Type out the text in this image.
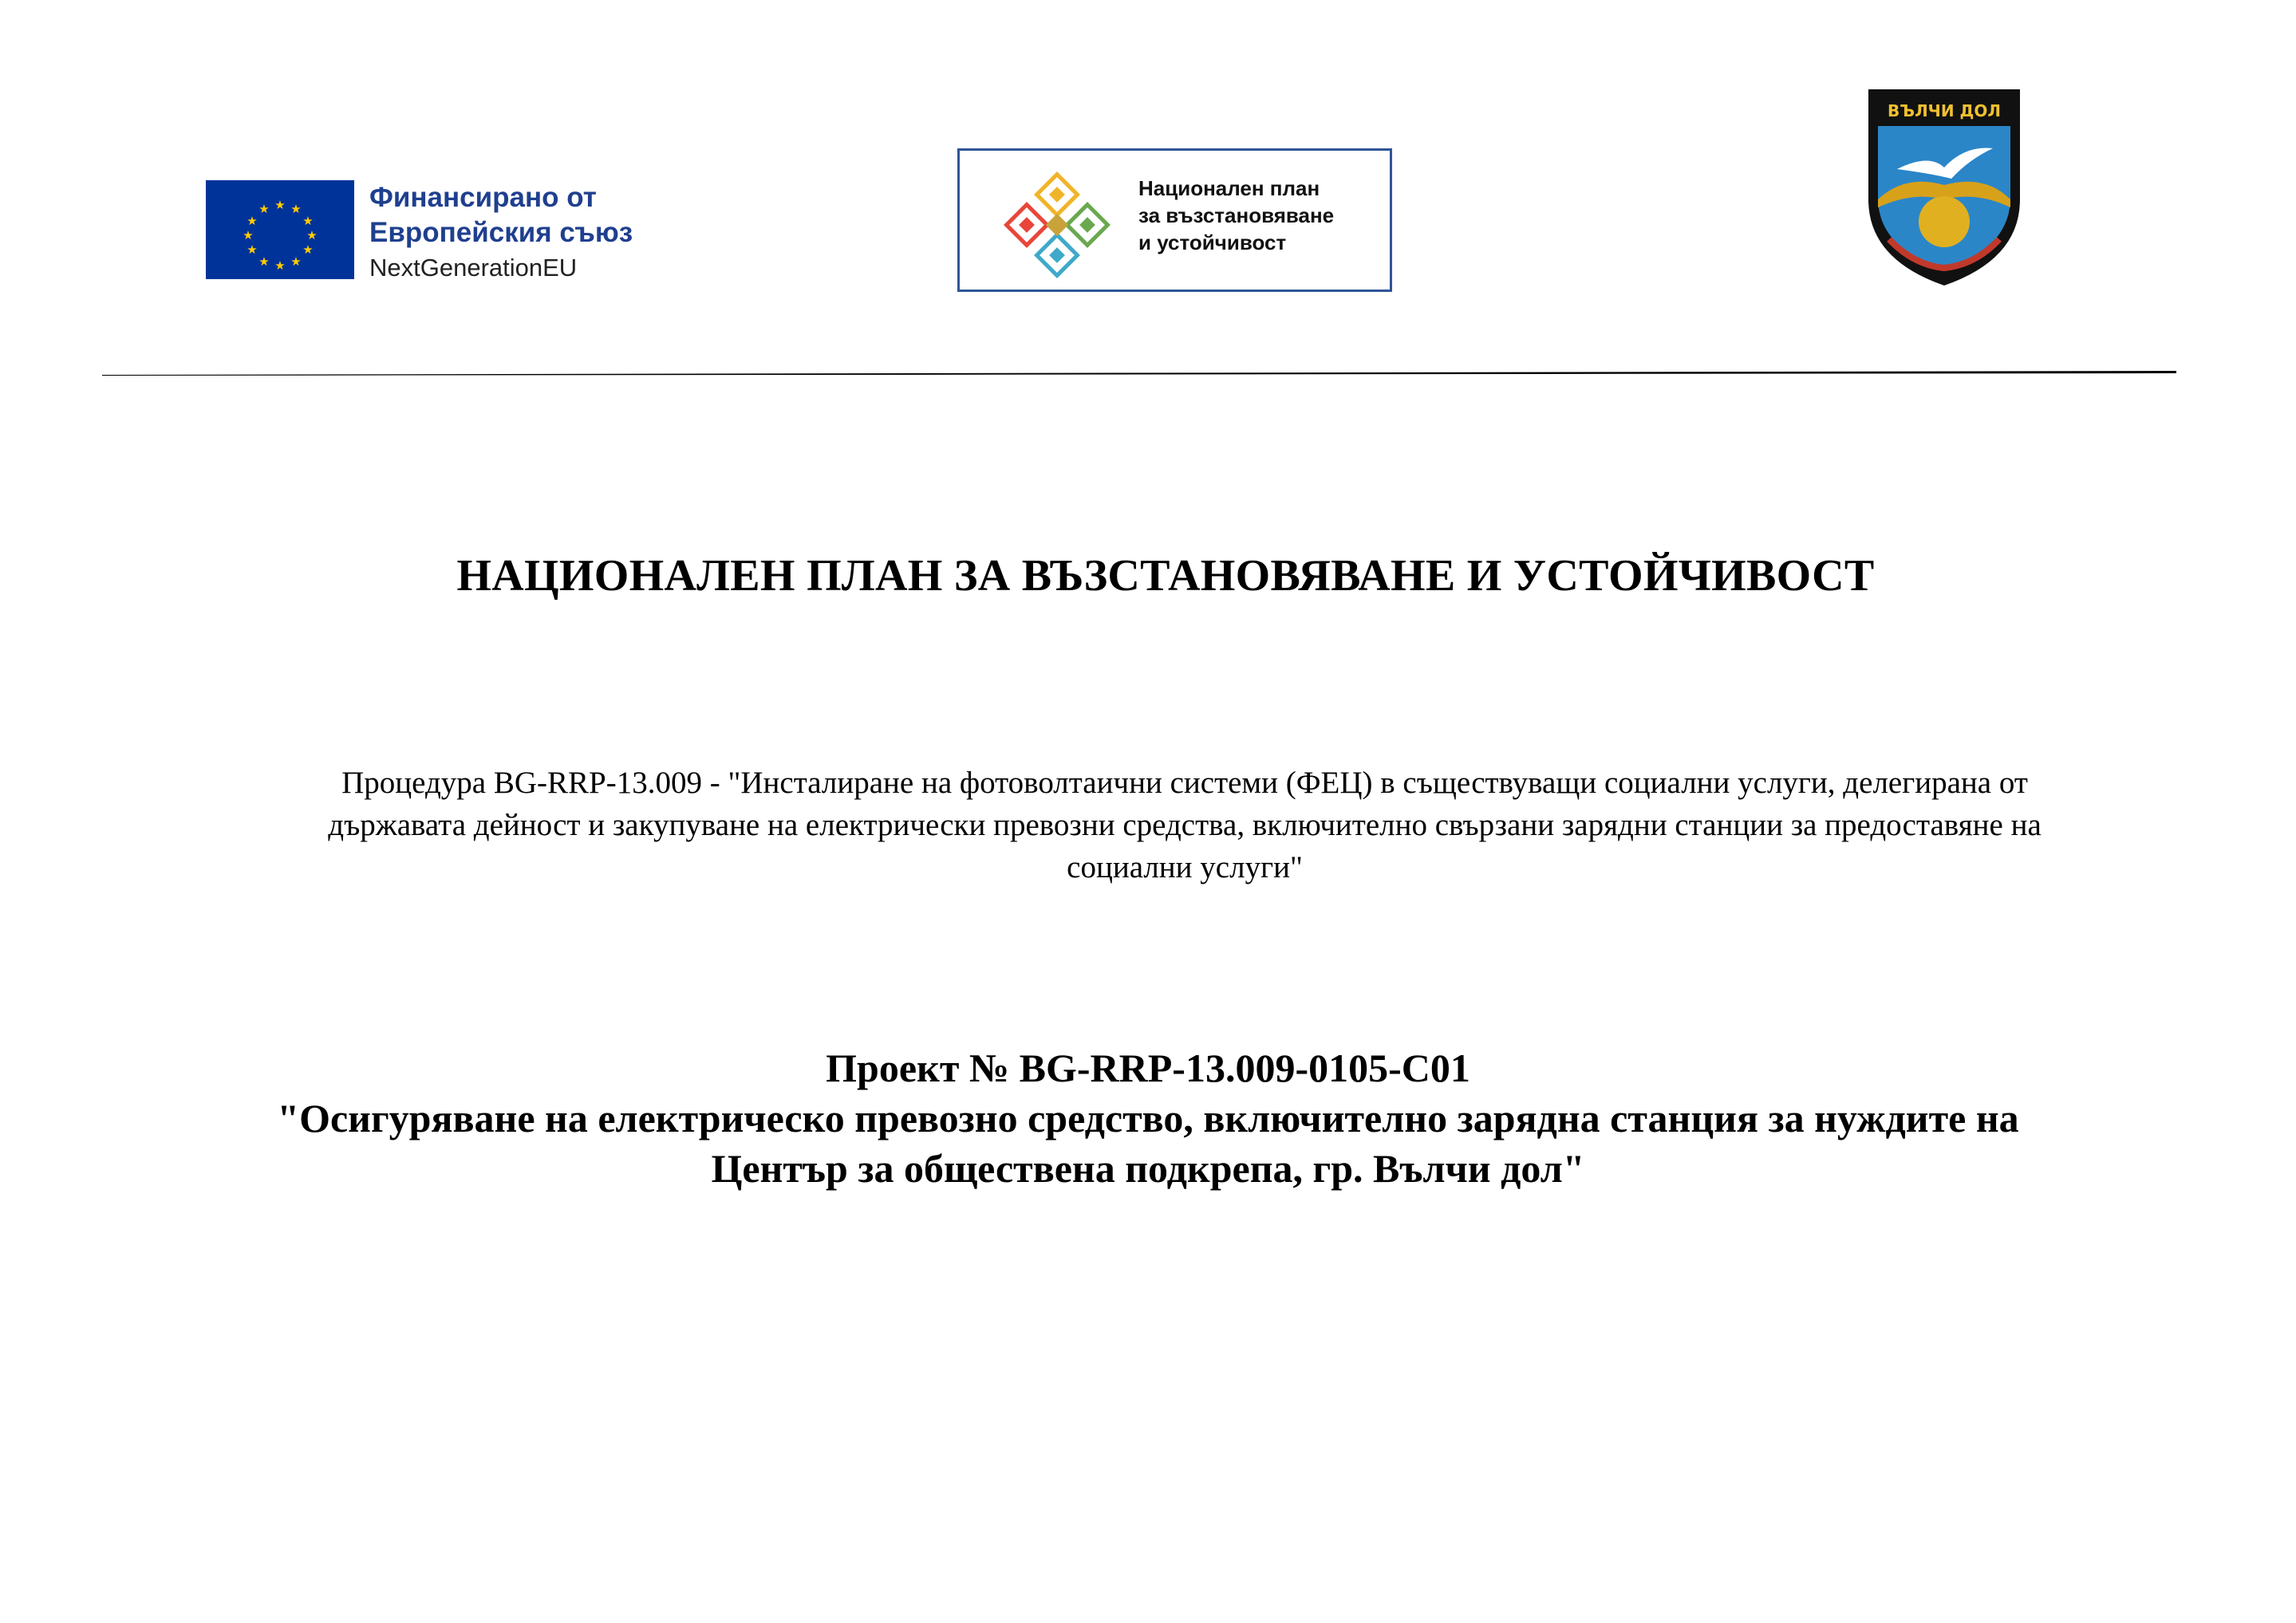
★ ★
★
★
★
★
★
★
★
★
★
★	Финансирано от
Европейския съюз
NextGenerationEU
Национален план
за възстановяване
и устойчивост
ВЪЛЧИ ДОЛ
НАЦИОНАЛЕН ПЛАН ЗА ВЪЗСТАНОВЯВАНЕ И УСТОЙЧИВОСТ
Процедура BG-RRP-13.009 - "Инсталиране на фотоволтаични системи (ФЕЦ) в съществуващи социални услуги, делегирана от
държавата дейност и закупуване на електрически превозни средства, включително свързани зарядни станции за предоставяне на
социални услуги"
Проект № BG-RRP-13.009-0105-C01
"Осигуряване на електрическо превозно средство, включително зарядна станция за нуждите на
Център за обществена подкрепа, гр. Вълчи дол"
